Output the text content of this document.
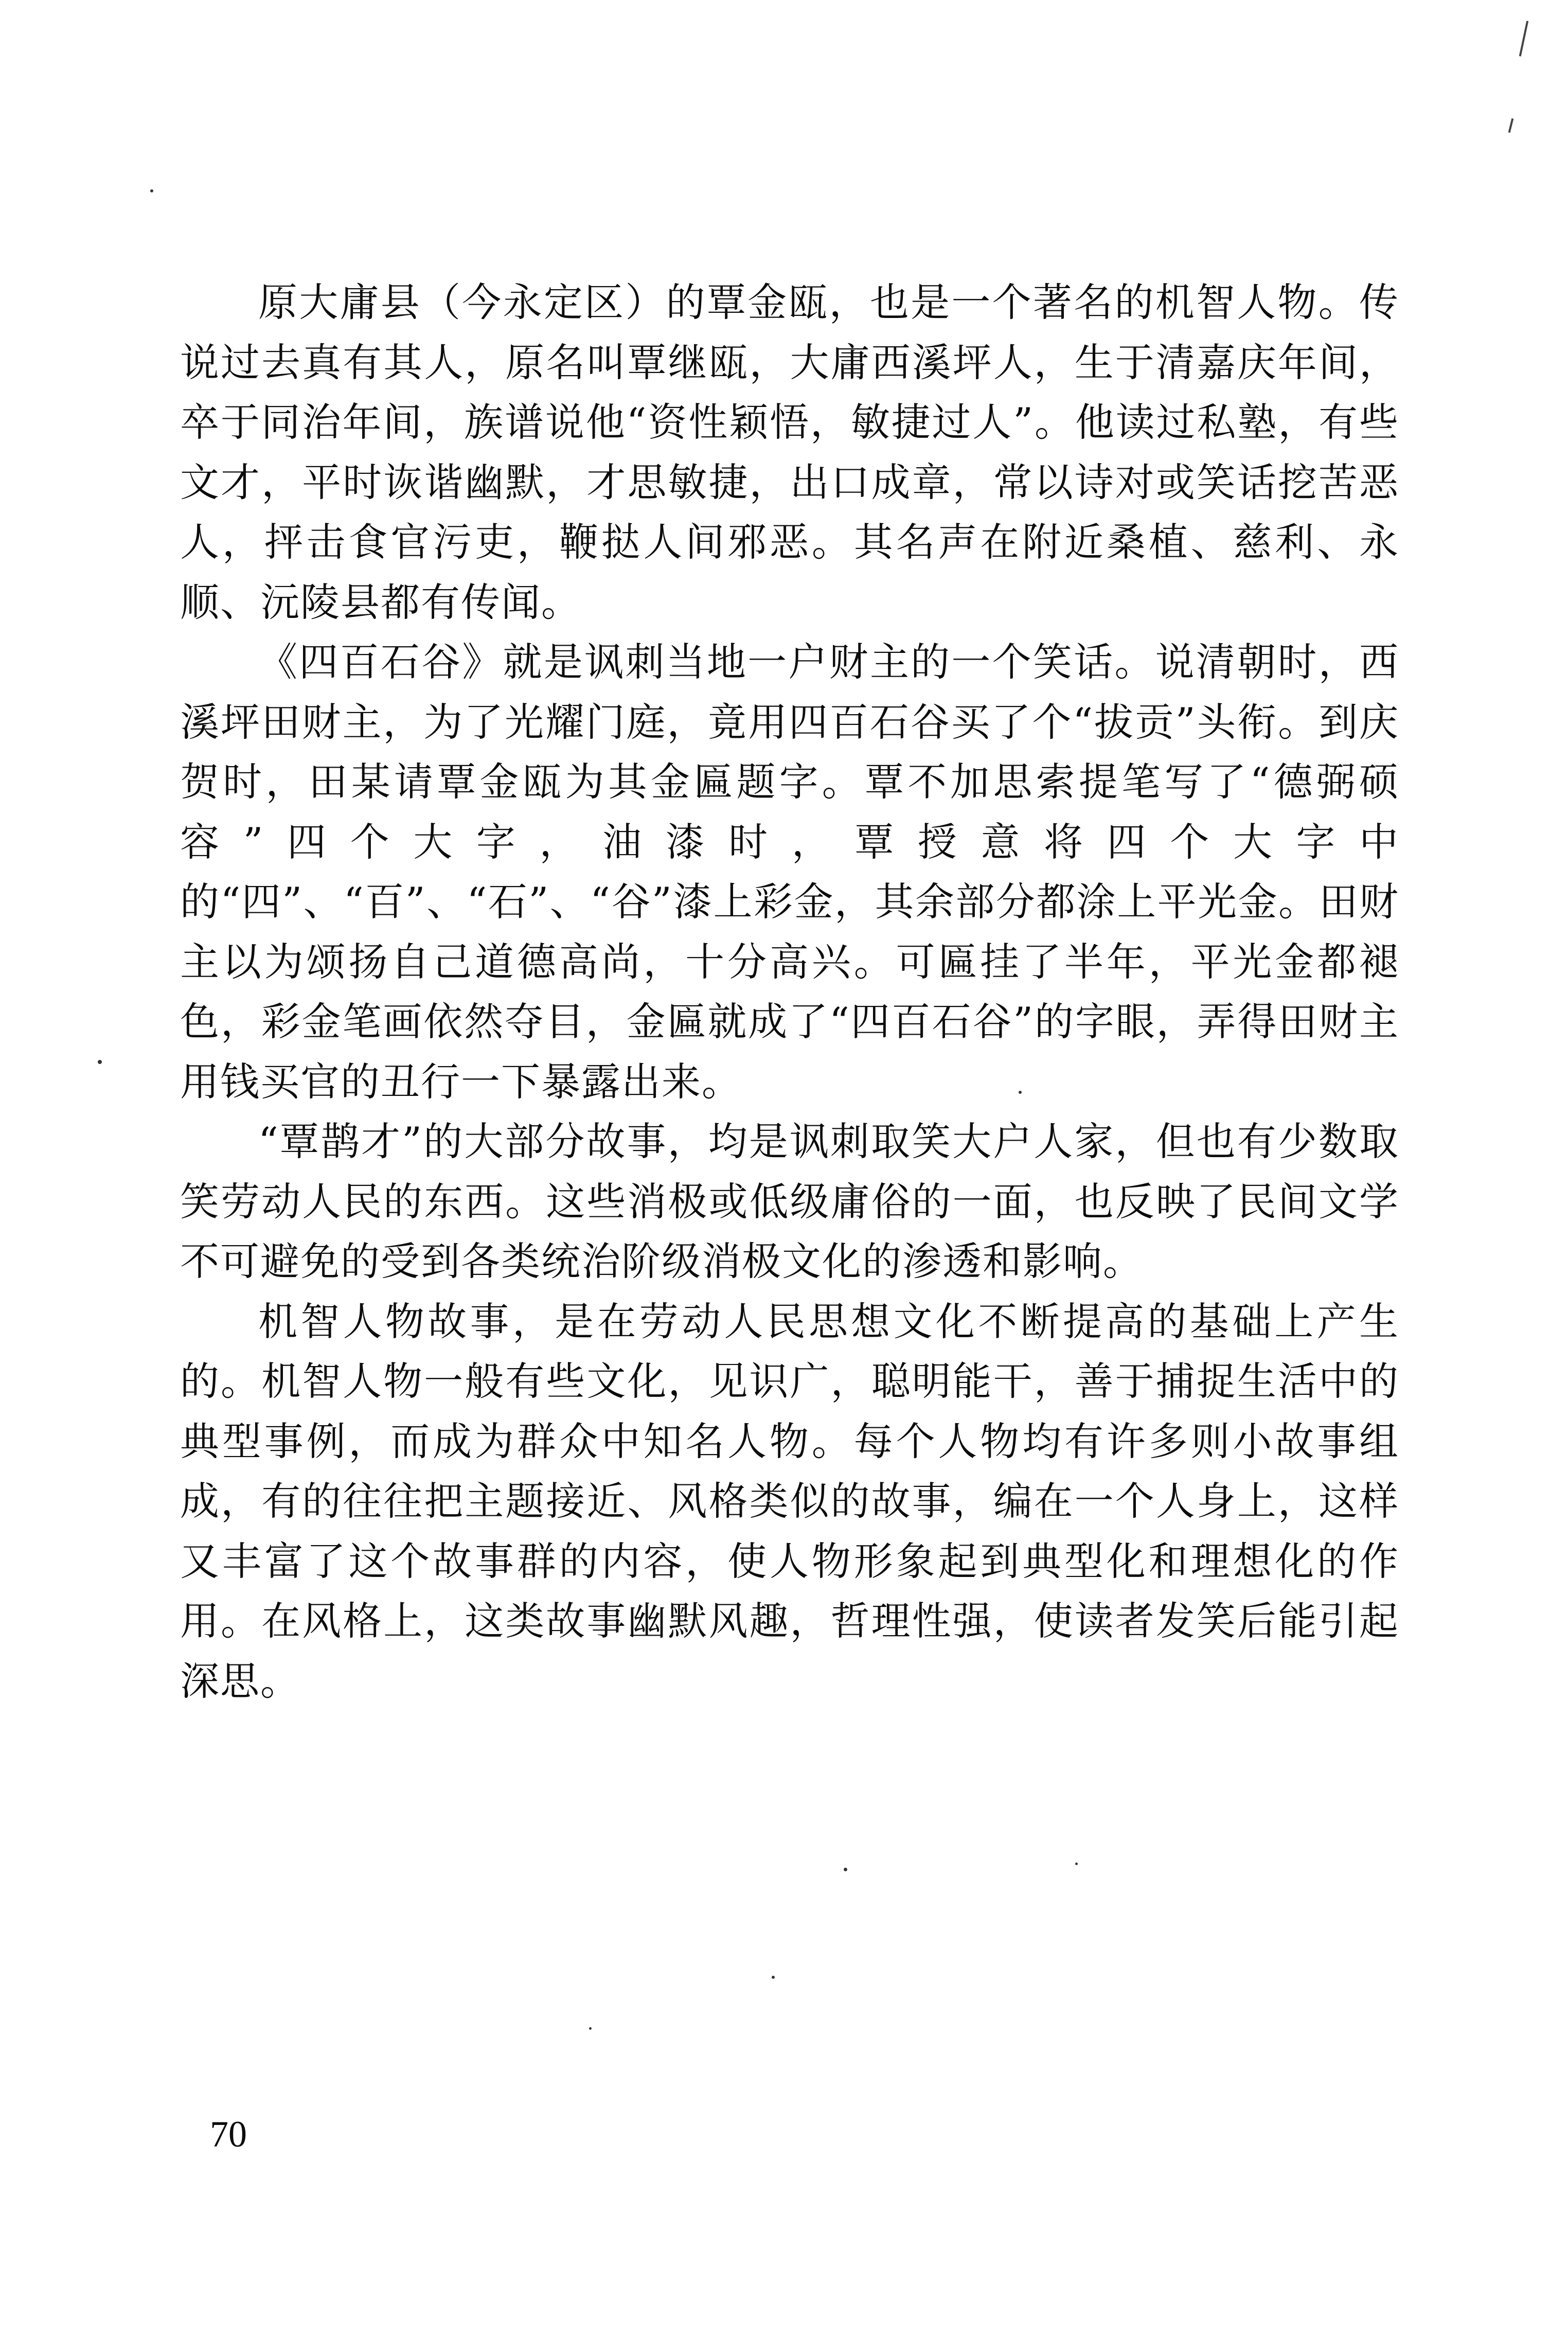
原大庸县（今永定区）的覃金瓯，也是一个著名的机智人物。传说过去真有其人，原名叫覃继瓯，大庸西溪坪人，生于清嘉庆年间，卒于同治年间，族谱说他“资性颖悟，敏捷过人”。他读过私塾，有些文才，平时诙谐幽默，才思敏捷，出口成章，常以诗对或笑话挖苦恶人，抨击食官污吏，鞭挞人间邪恶。其名声在附近桑植、慈利、永顺、沅陵县都有传闻。

《四百石谷》就是讽刺当地一户财主的一个笑话。说清朝时，西溪坪田财主，为了光耀门庭，竟用四百石谷买了个“拔贡”头衔。到庆贺时，田某请覃金瓯为其金匾题字。覃不加思索提笔写了“德弼硕容”四个大字，油漆时，覃授意将四个大字中的“四”、“百”、“石”、“谷”漆上彩金，其余部分都涂上平光金。田财主以为颂扬自己道德高尚，十分高兴。可匾挂了半年，平光金都褪色，彩金笔画依然夺目，金匾就成了“四百石谷”的字眼，弄得田财主用钱买官的丑行一下暴露出来。

“覃鹊才”的大部分故事，均是讽刺取笑大户人家，但也有少数取笑劳动人民的东西。这些消极或低级庸俗的一面，也反映了民间文学不可避免的受到各类统治阶级消极文化的渗透和影响。

机智人物故事，是在劳动人民思想文化不断提高的基础上产生的。机智人物一般有些文化，见识广，聪明能干，善于捕捉生活中的典型事例，而成为群众中知名人物。每个人物均有许多则小故事组成，有的往往把主题接近、风格类似的故事，编在一个人身上，这样又丰富了这个故事群的内容，使人物形象起到典型化和理想化的作用。在风格上，这类故事幽默风趣，哲理性强，使读者发笑后能引起深思。

70
